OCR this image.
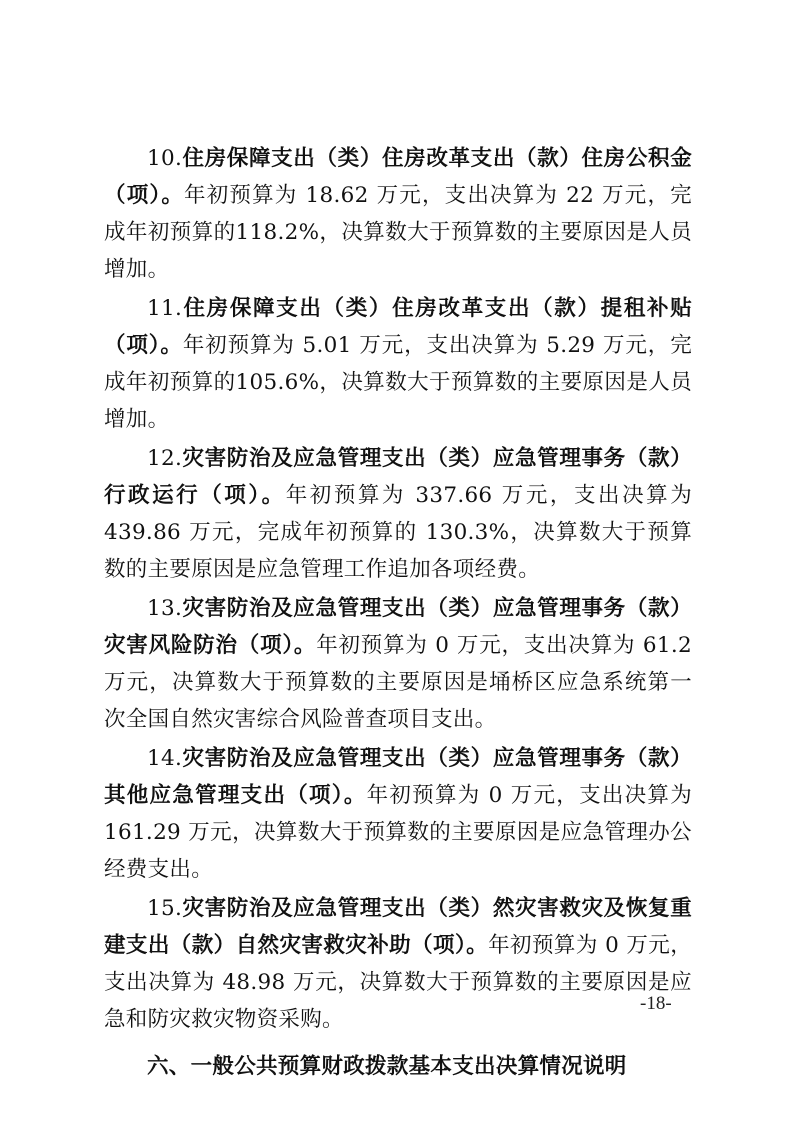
10.住房保障支出（类）住房改革支出（款）住房公积金（项）。年初预算为 18.62 万元，支出决算为 22 万元，完成年初预算的118.2%，决算数大于预算数的主要原因是人员增加。

11.住房保障支出（类）住房改革支出（款）提租补贴（项）。年初预算为 5.01 万元，支出决算为 5.29 万元，完成年初预算的105.6%，决算数大于预算数的主要原因是人员增加。

12.灾害防治及应急管理支出（类）应急管理事务（款）行政运行（项）。年初预算为 337.66 万元，支出决算为 439.86 万元，完成年初预算的 130.3%，决算数大于预算数的主要原因是应急管理工作追加各项经费。

13.灾害防治及应急管理支出（类）应急管理事务（款）灾害风险防治（项）。年初预算为 0 万元，支出决算为 61.2 万元，决算数大于预算数的主要原因是埇桥区应急系统第一次全国自然灾害综合风险普查项目支出。

14.灾害防治及应急管理支出（类）应急管理事务（款）其他应急管理支出（项）。年初预算为 0 万元，支出决算为 161.29 万元，决算数大于预算数的主要原因是应急管理办公经费支出。

15.灾害防治及应急管理支出（类）然灾害救灾及恢复重建支出（款）自然灾害救灾补助（项）。年初预算为 0 万元，支出决算为 48.98 万元，决算数大于预算数的主要原因是应急和防灾救灾物资采购。

六、一般公共预算财政拨款基本支出决算情况说明
-18-
